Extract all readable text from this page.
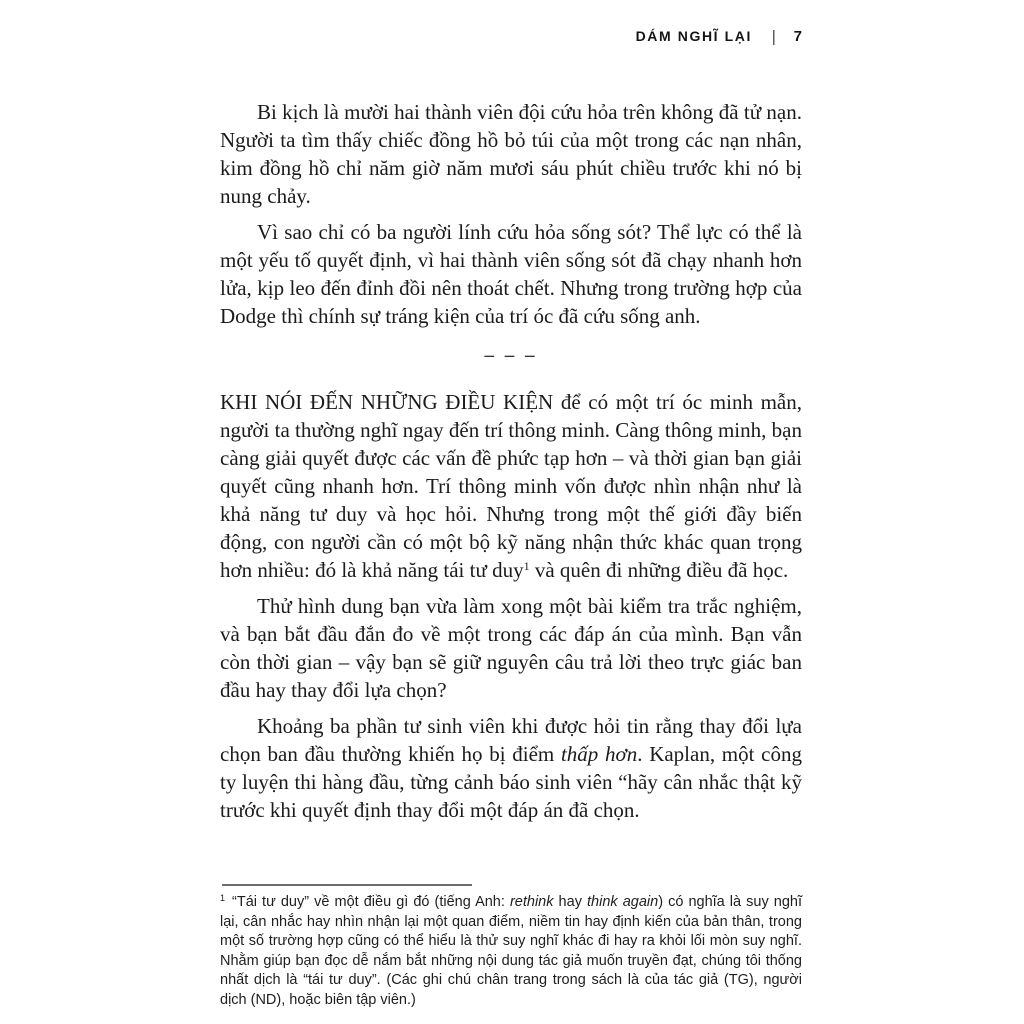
DÁM NGHĨ LẠI | 7

Bi kịch là mười hai thành viên đội cứu hỏa trên không đã tử nạn. Người ta tìm thấy chiếc đồng hồ bỏ túi của một trong các nạn nhân, kim đồng hồ chỉ năm giờ năm mươi sáu phút chiều trước khi nó bị nung chảy.

Vì sao chỉ có ba người lính cứu hỏa sống sót? Thể lực có thể là một yếu tố quyết định, vì hai thành viên sống sót đã chạy nhanh hơn lửa, kịp leo đến đỉnh đồi nên thoát chết. Nhưng trong trường hợp của Dodge thì chính sự tráng kiện của trí óc đã cứu sống anh.

– – –

KHI NÓI ĐẾN NHỮNG ĐIỀU KIỆN để có một trí óc minh mẫn, người ta thường nghĩ ngay đến trí thông minh. Càng thông minh, bạn càng giải quyết được các vấn đề phức tạp hơn – và thời gian bạn giải quyết cũng nhanh hơn. Trí thông minh vốn được nhìn nhận như là khả năng tư duy và học hỏi. Nhưng trong một thế giới đầy biến động, con người cần có một bộ kỹ năng nhận thức khác quan trọng hơn nhiều: đó là khả năng tái tư duy$^1$ và quên đi những điều đã học.

Thử hình dung bạn vừa làm xong một bài kiểm tra trắc nghiệm, và bạn bắt đầu đắn đo về một trong các đáp án của mình. Bạn vẫn còn thời gian – vậy bạn sẽ giữ nguyên câu trả lời theo trực giác ban đầu hay thay đổi lựa chọn?

Khoảng ba phần tư sinh viên khi được hỏi tin rằng thay đổi lựa chọn ban đầu thường khiến họ bị điểm thấp hơn. Kaplan, một công ty luyện thi hàng đầu, từng cảnh báo sinh viên “hãy cân nhắc thật kỹ trước khi quyết định thay đổi một đáp án đã chọn.

$^1$ “Tái tư duy” về một điều gì đó (tiếng Anh: rethink hay think again) có nghĩa là suy nghĩ lại, cân nhắc hay nhìn nhận lại một quan điểm, niềm tin hay định kiến của bản thân, trong một số trường hợp cũng có thể hiểu là thử suy nghĩ khác đi hay ra khỏi lối mòn suy nghĩ. Nhằm giúp bạn đọc dễ nắm bắt những nội dung tác giả muốn truyền đạt, chúng tôi thống nhất dịch là “tái tư duy”. (Các ghi chú chân trang trong sách là của tác giả (TG), người dịch (ND), hoặc biên tập viên.)
